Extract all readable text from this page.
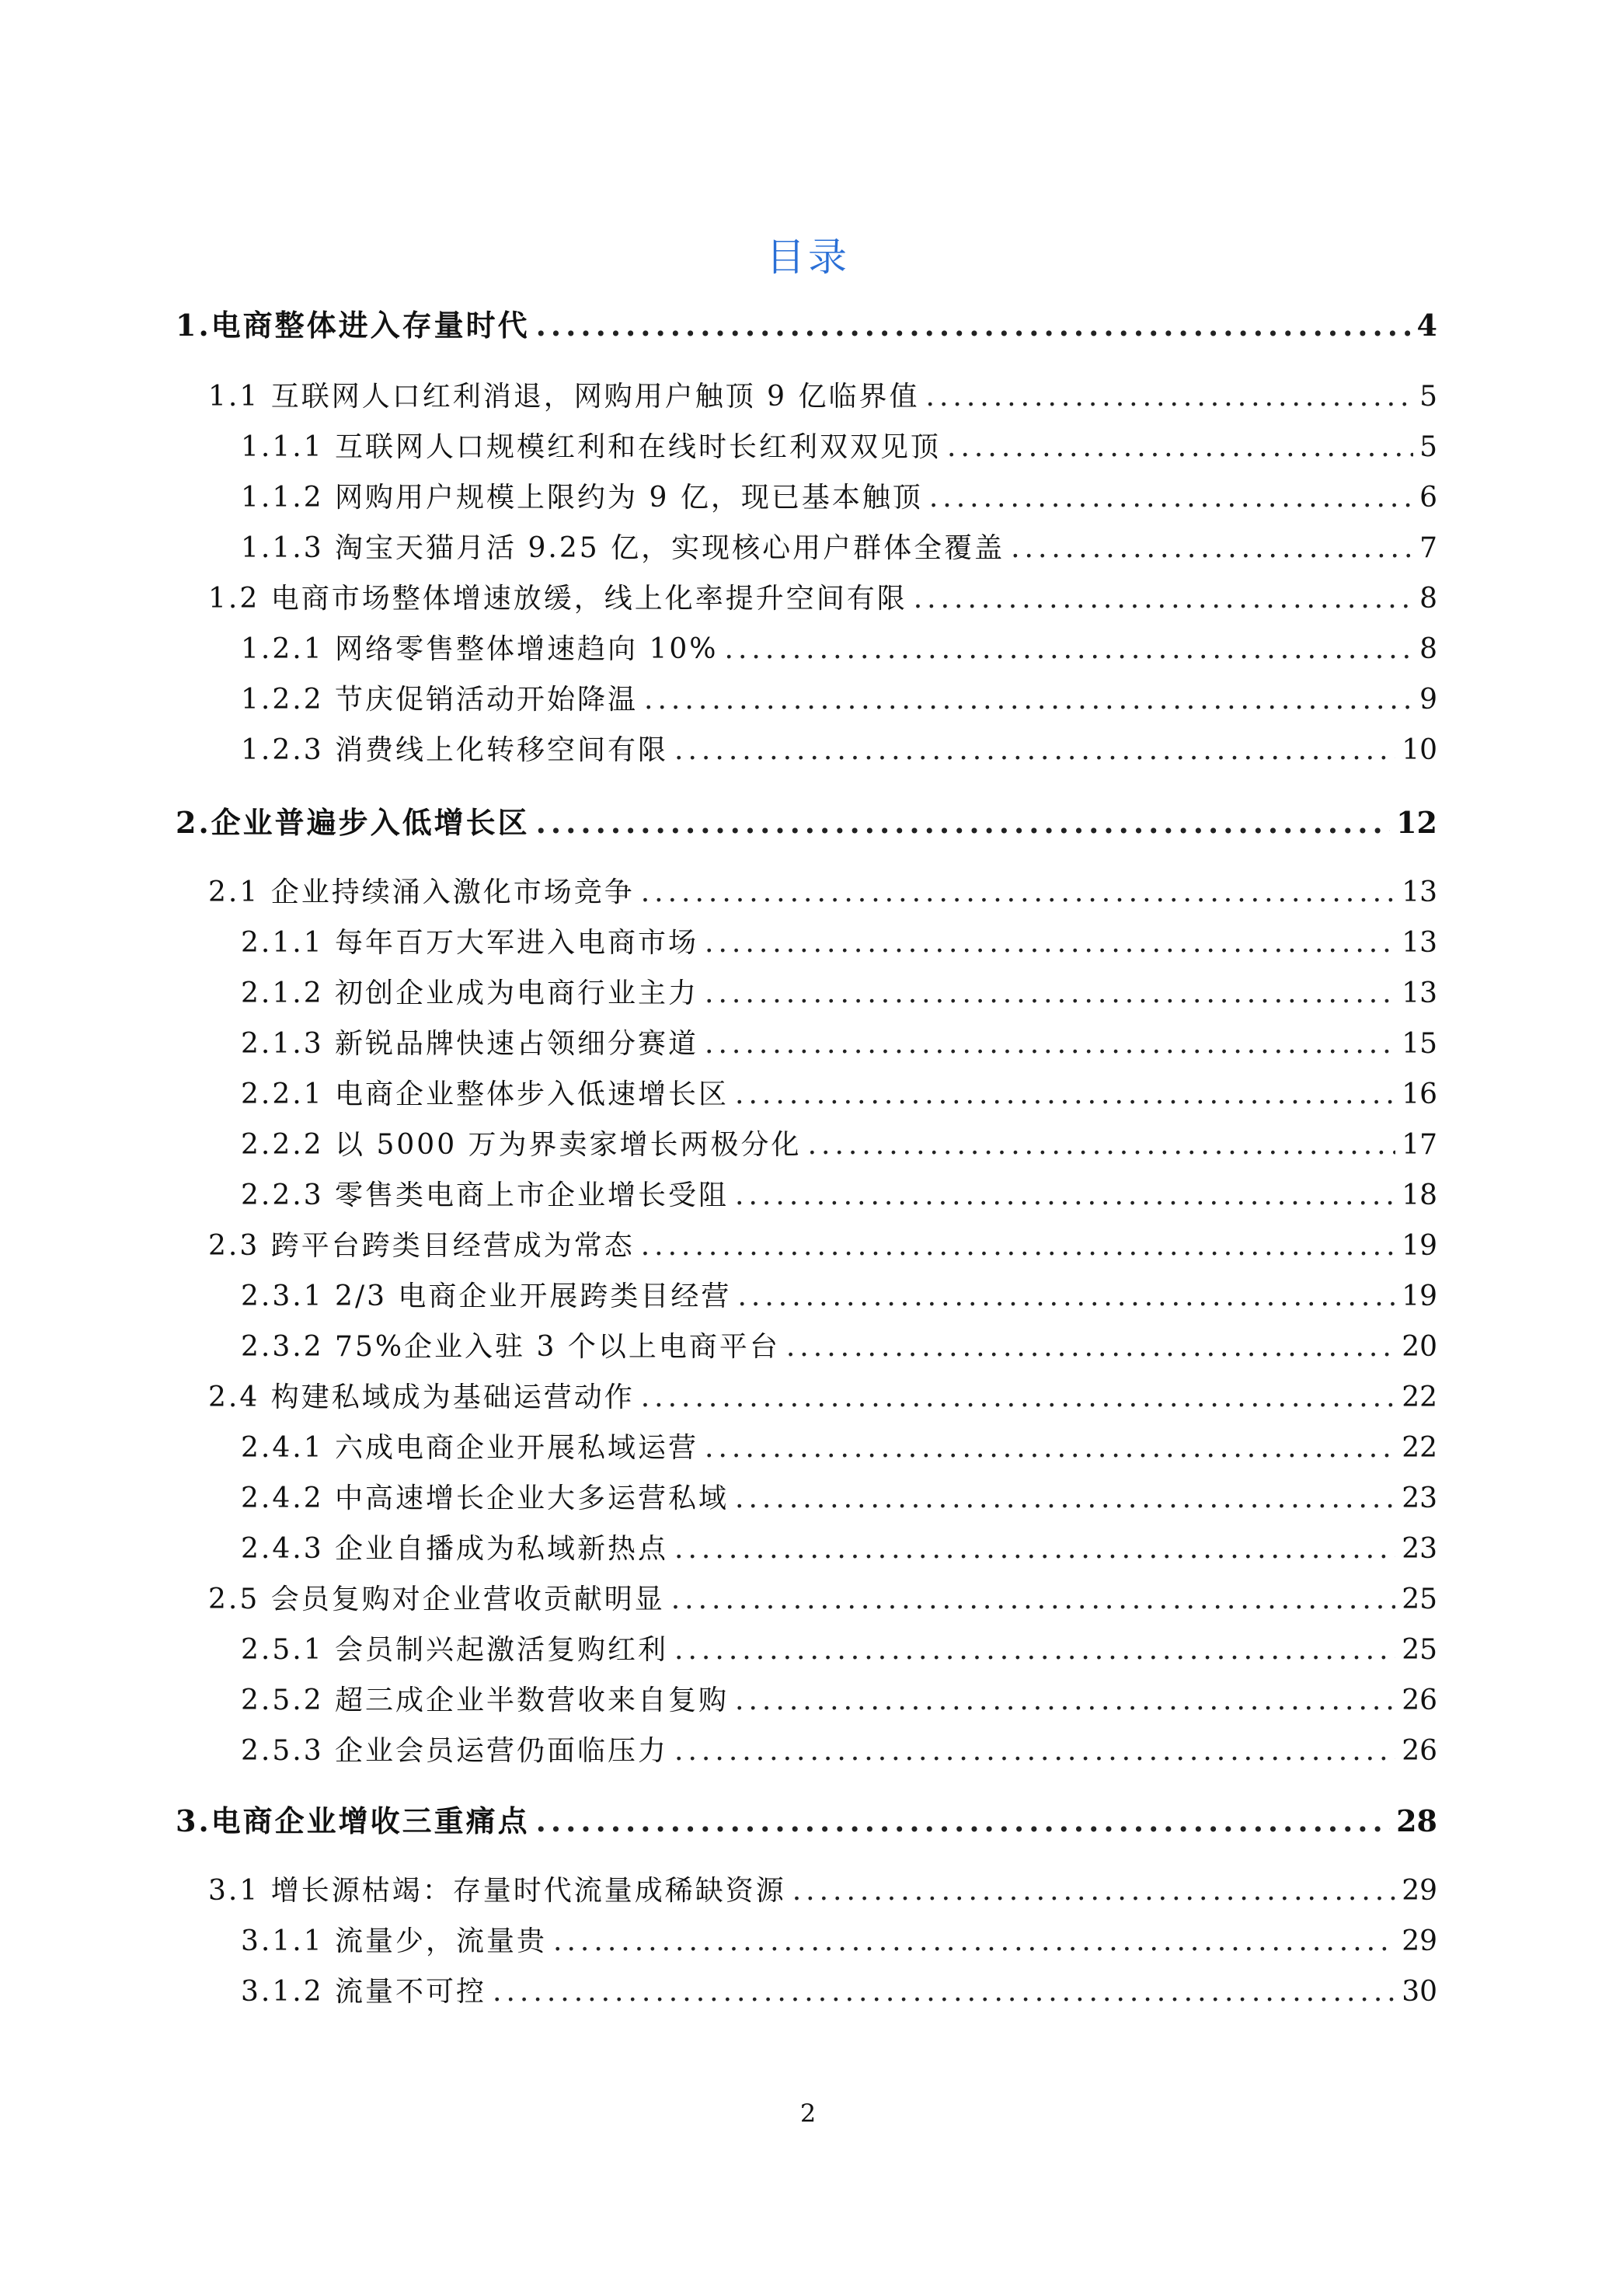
目录
1.电商整体进入存量时代 .....	4
1.1 互联网人口红利消退，网购用户触顶 9 亿临界值 .....	5
1.1.1 互联网人口规模红利和在线时长红利双双见顶 .....	5
1.1.2 网购用户规模上限约为 9 亿，现已基本触顶 .....	6
1.1.3 淘宝天猫月活 9.25 亿，实现核心用户群体全覆盖 .....	7
1.2 电商市场整体增速放缓，线上化率提升空间有限 .....	8
1.2.1 网络零售整体增速趋向 10% .....	8
1.2.2 节庆促销活动开始降温 .....	9
1.2.3 消费线上化转移空间有限 .....	10
2.企业普遍步入低增长区 .....	12
2.1 企业持续涌入激化市场竞争 .....	13
2.1.1 每年百万大军进入电商市场 .....	13
2.1.2 初创企业成为电商行业主力 .....	13
2.1.3 新锐品牌快速占领细分赛道 .....	15
2.2.1 电商企业整体步入低速增长区 .....	16
2.2.2 以 5000 万为界卖家增长两极分化 .....	17
2.2.3 零售类电商上市企业增长受阻 .....	18
2.3 跨平台跨类目经营成为常态 .....	19
2.3.1 2/3 电商企业开展跨类目经营 .....	19
2.3.2 75%企业入驻 3 个以上电商平台 .....	20
2.4 构建私域成为基础运营动作 .....	22
2.4.1 六成电商企业开展私域运营 .....	22
2.4.2 中高速增长企业大多运营私域 .....	23
2.4.3 企业自播成为私域新热点 .....	23
2.5 会员复购对企业营收贡献明显 .....	25
2.5.1 会员制兴起激活复购红利 .....	25
2.5.2 超三成企业半数营收来自复购 .....	26
2.5.3 企业会员运营仍面临压力 .....	26
3.电商企业增收三重痛点 .....	28
3.1 增长源枯竭：存量时代流量成稀缺资源 .....	29
3.1.1 流量少，流量贵 .....	29
3.1.2 流量不可控 .....	30
2
